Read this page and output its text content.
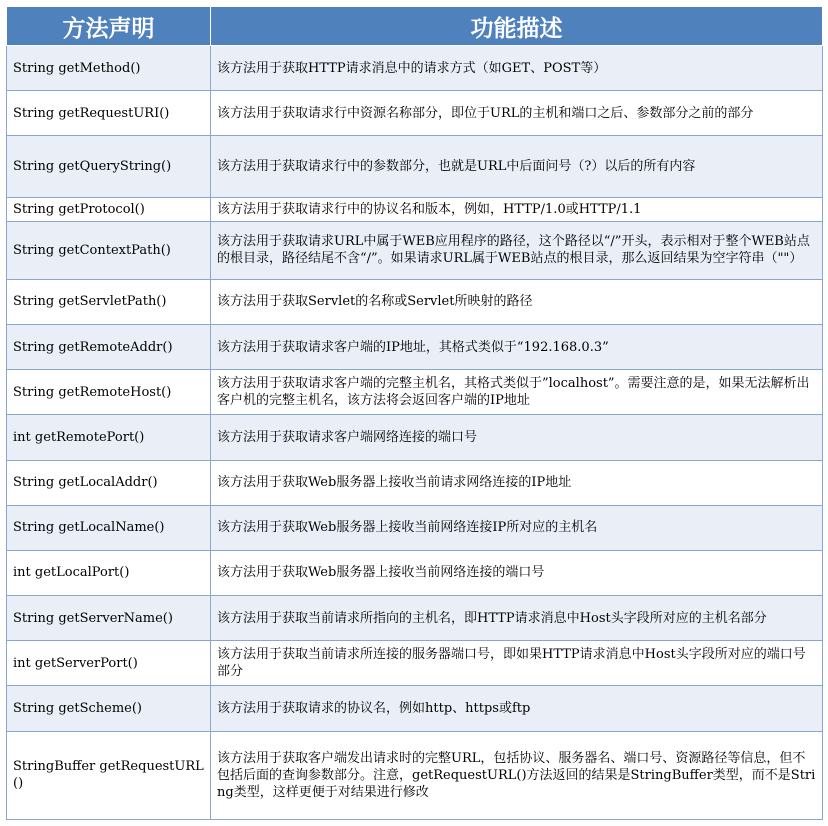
方法声明	功能描述
String getMethod()	该方法用于获取HTTP请求消息中的请求方式（如GET、POST等）
String getRequestURI()	该方法用于获取请求行中资源名称部分，即位于URL的主机和端口之后、参数部分之前的部分
String getQueryString()	该方法用于获取请求行中的参数部分，也就是URL中后面问号（?）以后的所有内容
String getProtocol()	该方法用于获取请求行中的协议名和版本，例如，HTTP/1.0或HTTP/1.1
String getContextPath()	该方法用于获取请求URL中属于WEB应用程序的路径，这个路径以“/”开头，表示相对于整个WEB站点的根目录，路径结尾不含“/”。如果请求URL属于WEB站点的根目录，那么返回结果为空字符串（""）
String getServletPath()	该方法用于获取Servlet的名称或Servlet所映射的路径
String getRemoteAddr()	该方法用于获取请求客户端的IP地址，其格式类似于“192.168.0.3”
String getRemoteHost()	该方法用于获取请求客户端的完整主机名，其格式类似于”localhost”。需要注意的是，如果无法解析出客户机的完整主机名，该方法将会返回客户端的IP地址
int getRemotePort()	该方法用于获取请求客户端网络连接的端口号
String getLocalAddr()	该方法用于获取Web服务器上接收当前请求网络连接的IP地址
String getLocalName()	该方法用于获取Web服务器上接收当前网络连接IP所对应的主机名
int getLocalPort()	该方法用于获取Web服务器上接收当前网络连接的端口号
String getServerName()	该方法用于获取当前请求所指向的主机名，即HTTP请求消息中Host头字段所对应的主机名部分
int getServerPort()	该方法用于获取当前请求所连接的服务器端口号，即如果HTTP请求消息中Host头字段所对应的端口号部分
String getScheme()	该方法用于获取请求的协议名，例如http、https或ftp
StringBuffer getRequestURL()	该方法用于获取客户端发出请求时的完整URL，包括协议、服务器名、端口号、资源路径等信息，但不包括后面的查询参数部分。注意，getRequestURL()方法返回的结果是StringBuffer类型，而不是String类型，这样更便于对结果进行修改
